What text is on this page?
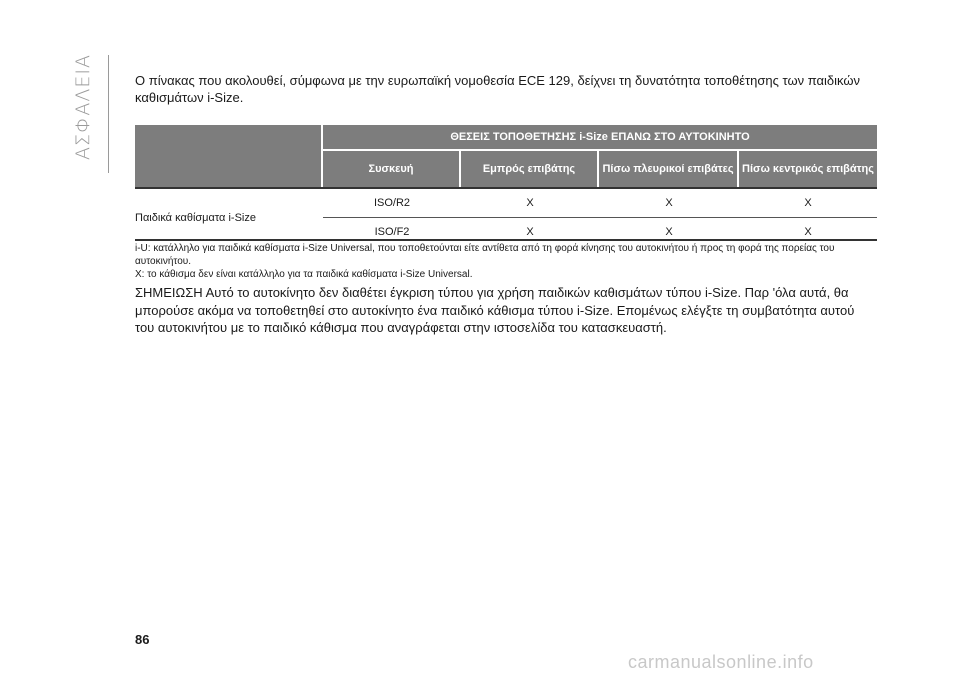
ΑΣΦΑΛΕΙΑ	Ο πίνακας που ακολουθεί, σύμφωνα με την ευρωπαϊκή νομοθεσία ECE 129, δείχνει τη δυνατότητα τοποθέτησης των παιδικών καθισμάτων i-Size.
	ΘΕΣΕΙΣ ΤΟΠΟΘΕΤΗΣΗΣ i-Size ΕΠΑΝΩ ΣΤΟ ΑΥΤΟΚΙΝΗΤΟ			
	Συσκευή	Εμπρός επιβάτης	Πίσω πλευρικοί επιβάτες	Πίσω κεντρικός επιβάτης
Παιδικά καθίσματα i-Size	ISO/R2	X	X	X
	ISO/F2	X	X	X
i-U: κατάλληλο για παιδικά καθίσματα i-Size Universal, που τοποθετούνται είτε αντίθετα από τη φορά κίνησης του αυτοκινήτου ή προς τη φορά της πορείας του αυτοκινήτου.
X: το κάθισμα δεν είναι κατάλληλο για τα παιδικά καθίσματα i-Size Universal.
ΣΗΜΕΙΩΣΗ Αυτό το αυτοκίνητο δεν διαθέτει έγκριση τύπου για χρήση παιδικών καθισμάτων τύπου i-Size. Παρ 'όλα αυτά, θα μπορούσε ακόμα να τοποθετηθεί στο αυτοκίνητο ένα παιδικό κάθισμα τύπου i-Size. Επομένως ελέγξτε τη συμβατότητα αυτού του αυτοκινήτου με το παιδικό κάθισμα που αναγράφεται στην ιστοσελίδα του κατασκευαστή.
86
carmanualsonline.info
